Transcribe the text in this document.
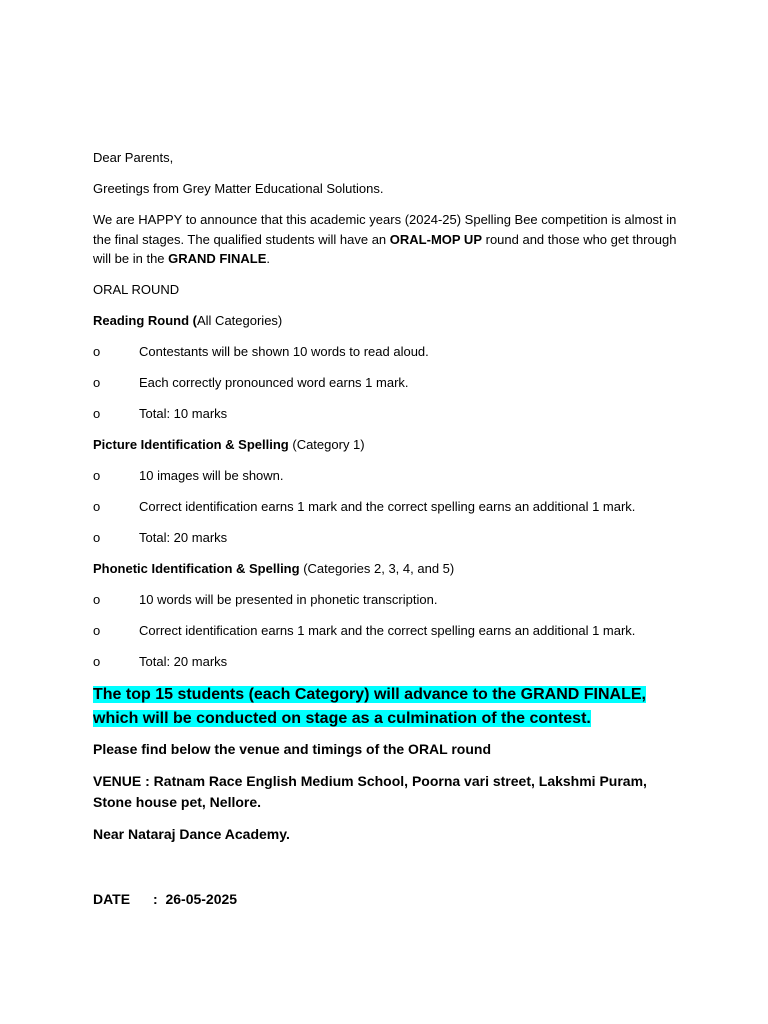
Dear Parents,

Greetings from Grey Matter Educational Solutions.

We are HAPPY to announce that this academic years (2024-25) Spelling Bee competition is almost in the final stages. The qualified students will have an ORAL-MOP UP round and those who get through will be in the GRAND FINALE.

ORAL ROUND

Reading Round (All Categories)

o	Contestants will be shown 10 words to read aloud.
o	Each correctly pronounced word earns 1 mark.
o	Total: 10 marks

Picture Identification & Spelling (Category 1)

o	10 images will be shown.
o	Correct identification earns 1 mark and the correct spelling earns an additional 1 mark.
o	Total: 20 marks

Phonetic Identification & Spelling (Categories 2, 3, 4, and 5)

o	10 words will be presented in phonetic transcription.
o	Correct identification earns 1 mark and the correct spelling earns an additional 1 mark.
o	Total: 20 marks

The top 15 students (each Category) will advance to the GRAND FINALE, which will be conducted on stage as a culmination of the contest.

Please find below the venue and timings of the ORAL round

VENUE : Ratnam Race English Medium School, Poorna vari street, Lakshmi Puram, Stone house pet, Nellore.

Near Nataraj Dance Academy.

DATE	:
26-05-2025
